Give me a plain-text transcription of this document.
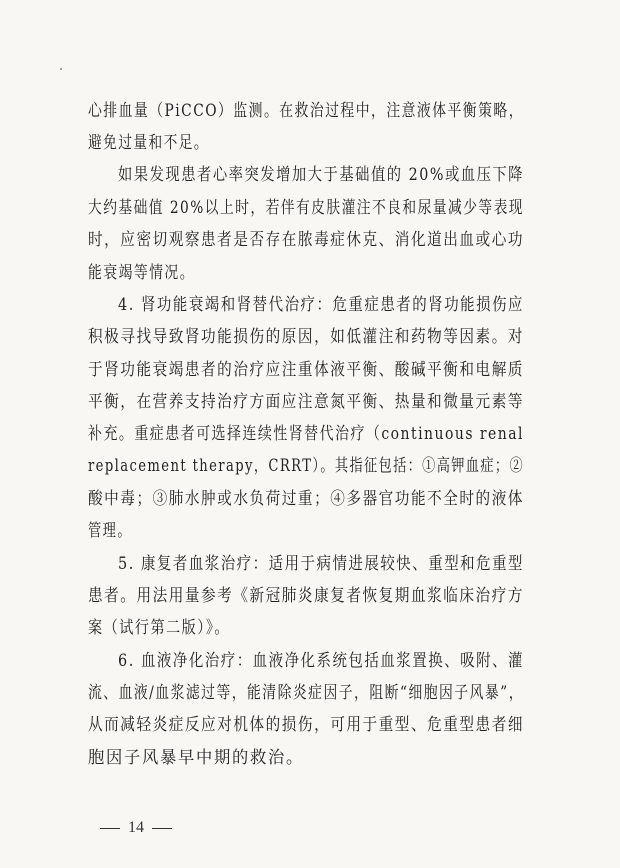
心排血量（PiCCO）监测。在救治过程中，注意液体平衡策略，
避免过量和不足。
如果发现患者心率突发增加大于基础值的 20%或血压下降
大约基础值 20%以上时，若伴有皮肤灌注不良和尿量减少等表现
时，应密切观察患者是否存在脓毒症休克、消化道出血或心功
能衰竭等情况。
4. 肾功能衰竭和肾替代治疗：危重症患者的肾功能损伤应
积极寻找导致肾功能损伤的原因，如低灌注和药物等因素。对
于肾功能衰竭患者的治疗应注重体液平衡、酸碱平衡和电解质
平衡，在营养支持治疗方面应注意氮平衡、热量和微量元素等
补充。重症患者可选择连续性肾替代治疗（continuous renal
replacement therapy，CRRT）。其指征包括：①高钾血症；②
酸中毒；③肺水肿或水负荷过重；④多器官功能不全时的液体
管理。
5. 康复者血浆治疗：适用于病情进展较快、重型和危重型
患者。用法用量参考《新冠肺炎康复者恢复期血浆临床治疗方
案（试行第二版）》。
6. 血液净化治疗：血液净化系统包括血浆置换、吸附、灌
流、血液/血浆滤过等，能清除炎症因子，阻断“细胞因子风暴”，
从而减轻炎症反应对机体的损伤，可用于重型、危重型患者细
胞因子风暴早中期的救治。
14
